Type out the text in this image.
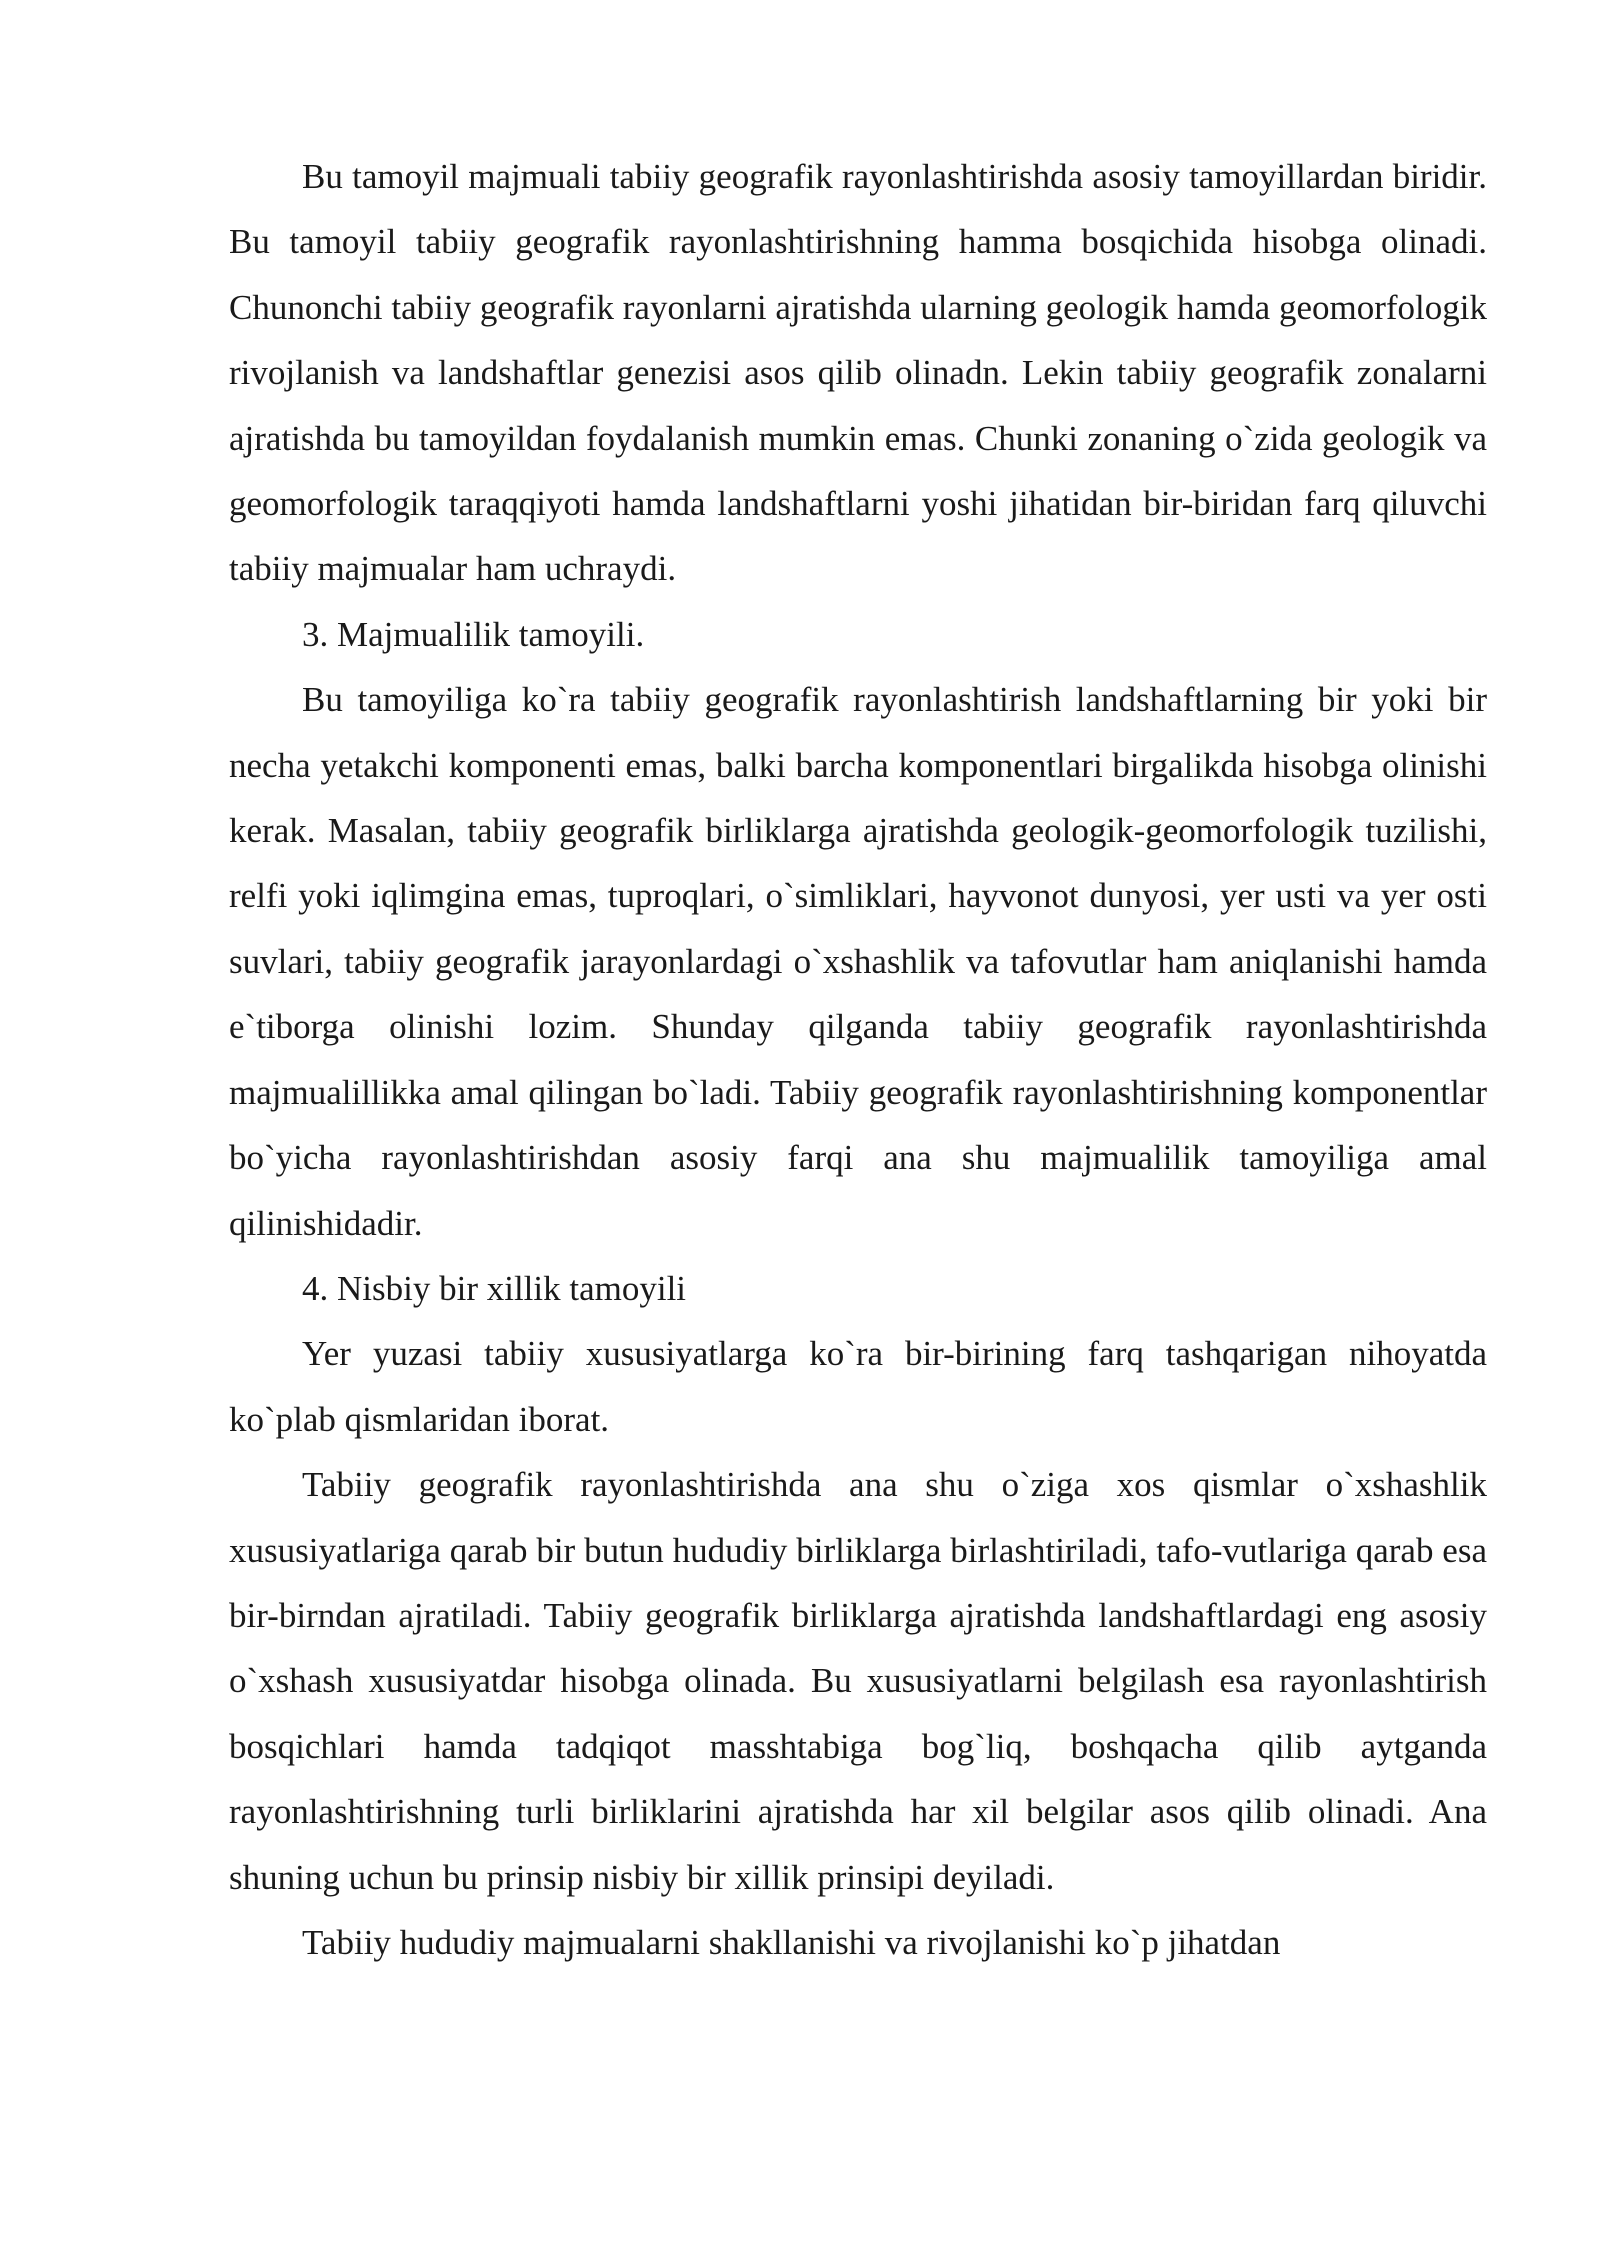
Bu tamoyil majmuali tabiiy geografik rayonlashtirishda asosiy tamoyillardan biridir. Bu tamoyil tabiiy geografik rayonlashtirishning hamma bosqichida hisobga olinadi. Chunonchi tabiiy geografik rayonlarni ajratishda ularning geologik hamda geomorfologik rivojlanish va landshaftlar genezisi asos qilib olinadn. Lekin tabiiy geografik zonalarni ajratishda bu tamoyildan foydalanish mumkin emas. Chunki zonaning o`zida geologik va geomorfologik taraqqiyoti hamda landshaftlarni yoshi jihatidan bir-biridan farq qiluvchi tabiiy majmualar ham uchraydi.

3. Majmualilik tamoyili.

Bu tamoyiliga ko`ra tabiiy geografik rayonlashtirish landshaftlarning bir yoki bir necha yetakchi komponenti emas, balki barcha komponentlari birgalikda hisobga olinishi kerak. Masalan, tabiiy geografik birliklarga ajratishda geologik-geomorfologik tuzilishi, relfi yoki iqlimgina emas, tuproqlari, o`simliklari, hayvonot dunyosi, yer usti va yer osti suvlari, tabiiy geografik jarayonlardagi o`xshashlik va tafovutlar ham aniqlanishi hamda e`tiborga olinishi lozim. Shunday qilganda tabiiy geografik rayonlashtirishda majmualillikka amal qilingan bo`ladi. Tabiiy geografik rayonlashtirishning komponentlar bo`yicha rayonlashtirishdan asosiy farqi ana shu majmualilik tamoyiliga amal qilinishidadir.

4. Nisbiy bir xillik tamoyili

Yer yuzasi tabiiy xususiyatlarga ko`ra bir-birining farq tashqarigan nihoyatda ko`plab qismlaridan iborat.

Tabiiy geografik rayonlashtirishda ana shu o`ziga xos qismlar o`xshashlik xususiyatlariga qarab bir butun hududiy birliklarga birlashtiriladi, tafo-vutlariga qarab esa bir-birndan ajratiladi. Tabiiy geografik birliklarga ajratishda landshaftlardagi eng asosiy o`xshash xususiyatdar hisobga olinada. Bu xususiyatlarni belgilash esa rayonlashtirish bosqichlari hamda tadqiqot masshtabiga bog`liq, boshqacha qilib aytganda rayonlashtirishning turli birliklarini ajratishda har xil belgilar asos qilib olinadi. Ana shuning uchun bu prinsip nisbiy bir xillik prinsipi deyiladi.

Tabiiy hududiy majmualarni shakllanishi va rivojlanishi ko`p jihatdan
